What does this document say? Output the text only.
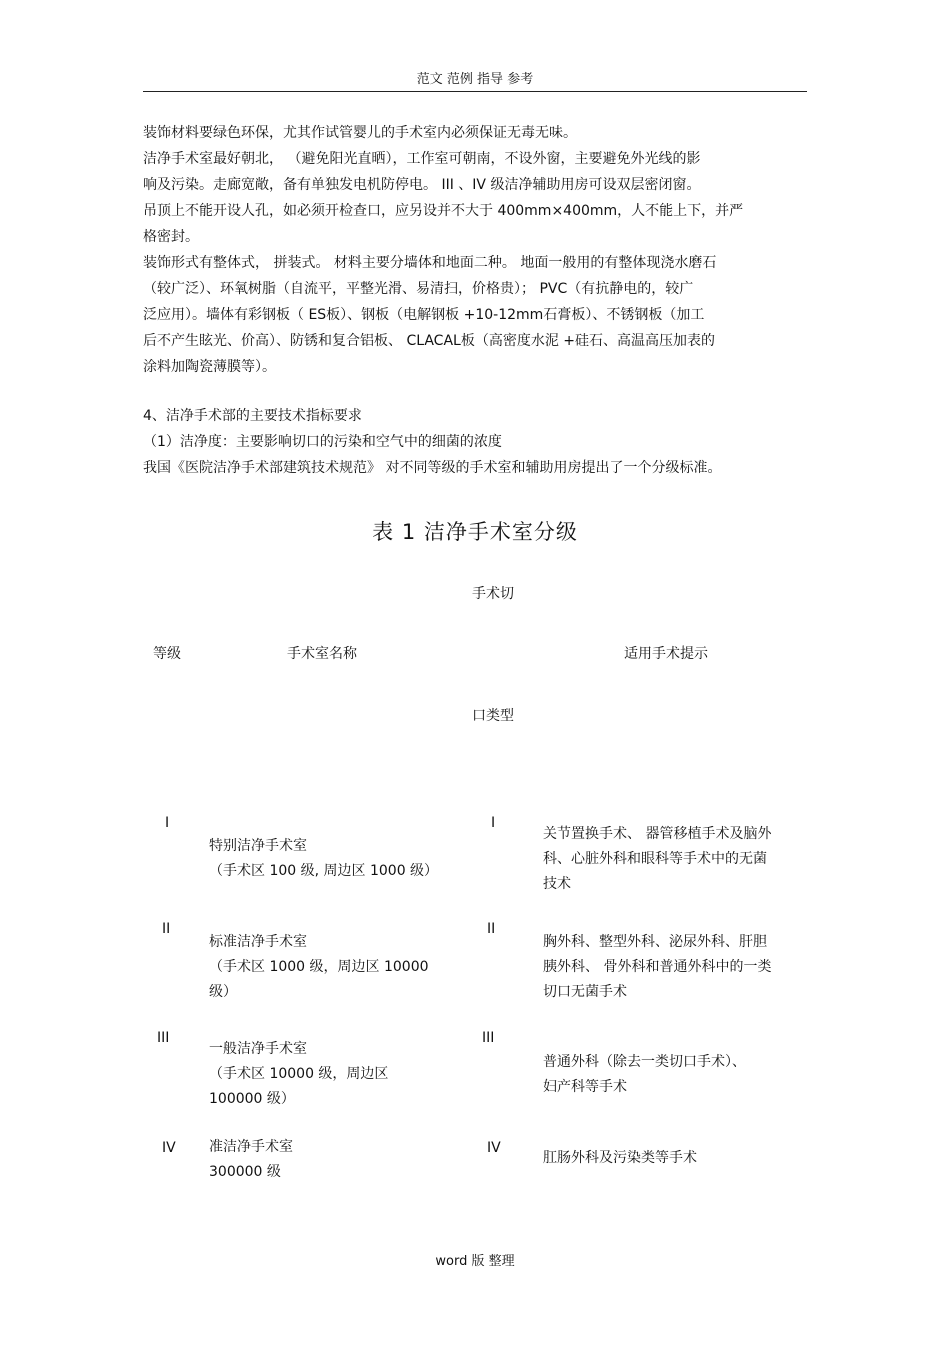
范文 范例 指导 参考

装饰材料要绿色环保，尤其作试管婴儿的手术室内必须保证无毒无味。

洁净手术室最好朝北， （避免阳光直晒），工作室可朝南，不设外窗，主要避免外光线的影

响及污染。走廊宽敞，备有单独发电机防停电。 III 、IV 级洁净辅助用房可设双层密闭窗。

吊顶上不能开设人孔，如必须开检查口，应另设并不大于 400mm×400mm，人不能上下，并严

格密封。

装饰形式有整体式， 拼装式。 材料主要分墙体和地面二种。 地面一般用的有整体现浇水磨石

（较广泛）、环氧树脂（自流平，平整光滑、易清扫，价格贵）； PVC（有抗静电的，较广

泛应用）。墙体有彩钢板（ ES板）、钢板（电解钢板 +10-12mm石膏板）、不锈钢板（加工

后不产生眩光、价高）、防锈和复合铝板、 CLACAL板（高密度水泥 +硅石、高温高压加表的

涂料加陶瓷薄膜等）。

4、洁净手术部的主要技术指标要求

（1）洁净度：主要影响切口的污染和空气中的细菌的浓度

我国《医院洁净手术部建筑技术规范》 对不同等级的手术室和辅助用房提出了一个分级标准。

表 1 洁净手术室分级
手术切
等级	手术室名称	适用手术提示
口类型
I
特别洁净手术室
（手术区 100 级, 周边区 1000 级）
I
关节置换手术、 器管移植手术及脑外
科、心脏外科和眼科等手术中的无菌
技术
II
标准洁净手术室
（手术区 1000 级，周边区 10000
级）
II
胸外科、整型外科、泌尿外科、肝胆
胰外科、 骨外科和普通外科中的一类
切口无菌手术
III
一般洁净手术室
（手术区 10000 级，周边区
100000 级）
III
普通外科（除去一类切口手术）、
妇产科等手术
IV 准洁净手术室
300000 级
IV
肛肠外科及污染类等手术
word 版 整理
